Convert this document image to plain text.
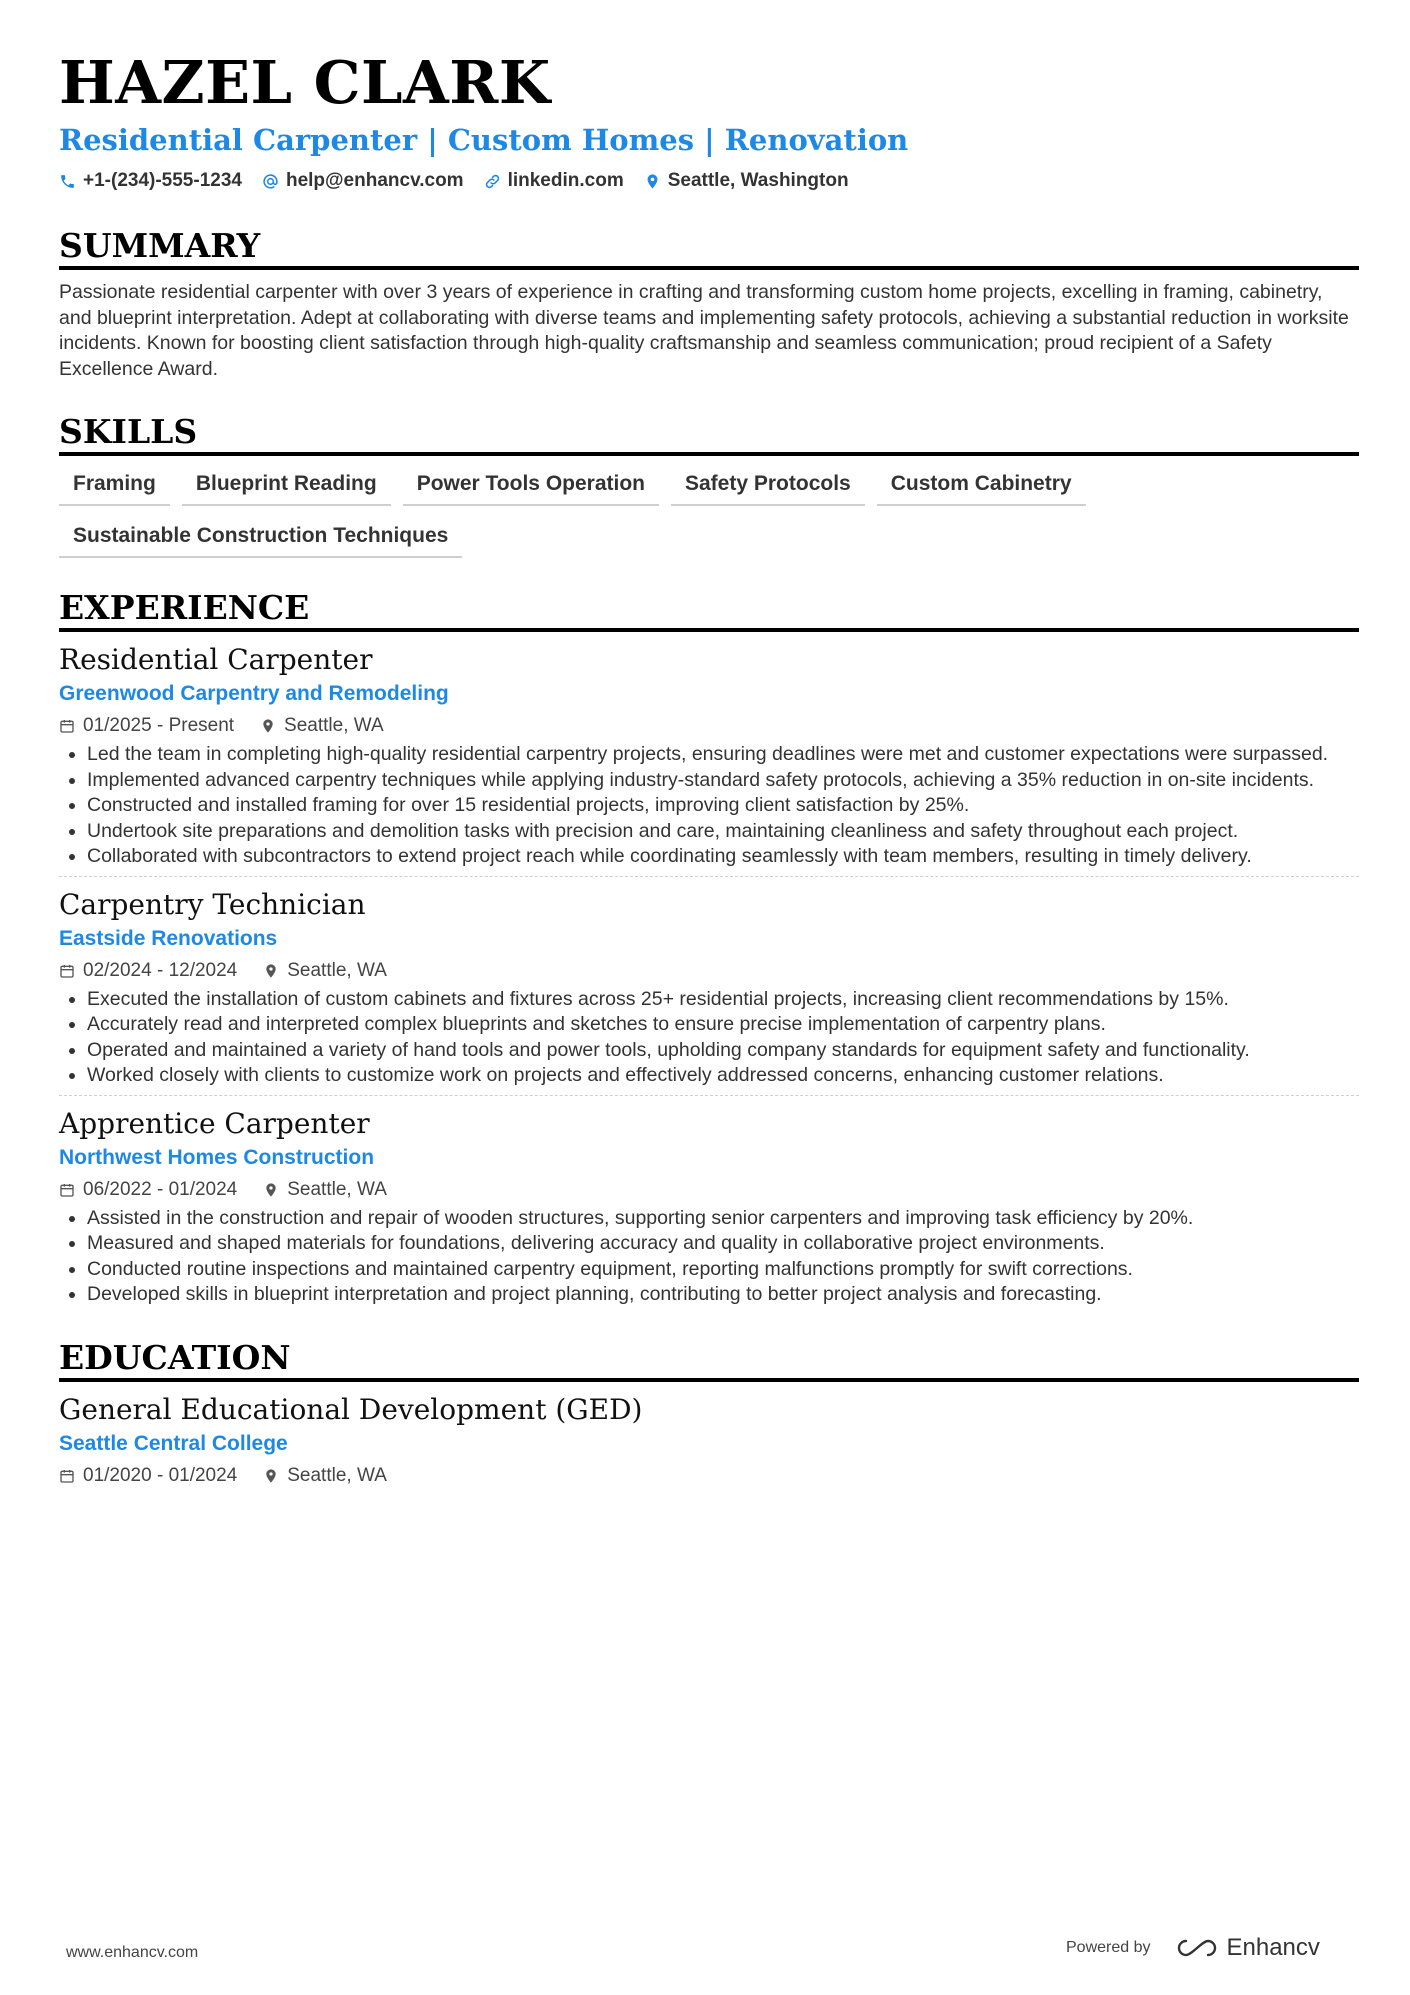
HAZEL CLARK
Residential Carpenter | Custom Homes | Renovation
+1-(234)-555-1234 help@enhancv.com linkedin.com Seattle, Washington
SUMMARY
Passionate residential carpenter with over 3 years of experience in crafting and transforming custom home projects, excelling in framing, cabinetry, and blueprint interpretation. Adept at collaborating with diverse teams and implementing safety protocols, achieving a substantial reduction in worksite incidents. Known for boosting client satisfaction through high-quality craftsmanship and seamless communication; proud recipient of a Safety Excellence Award.
SKILLS
Framing	Blueprint Reading	Power Tools Operation	Safety Protocols	Custom Cabinetry
Sustainable Construction Techniques
EXPERIENCE
Residential Carpenter
Greenwood Carpentry and Remodeling
01/2025 - Present	Seattle, WA
• Led the team in completing high-quality residential carpentry projects, ensuring deadlines were met and customer expectations were surpassed.
• Implemented advanced carpentry techniques while applying industry-standard safety protocols, achieving a 35% reduction in on-site incidents.
• Constructed and installed framing for over 15 residential projects, improving client satisfaction by 25%.
• Undertook site preparations and demolition tasks with precision and care, maintaining cleanliness and safety throughout each project.
• Collaborated with subcontractors to extend project reach while coordinating seamlessly with team members, resulting in timely delivery.
Carpentry Technician
Eastside Renovations
02/2024 - 12/2024	Seattle, WA
• Executed the installation of custom cabinets and fixtures across 25+ residential projects, increasing client recommendations by 15%.
• Accurately read and interpreted complex blueprints and sketches to ensure precise implementation of carpentry plans.
• Operated and maintained a variety of hand tools and power tools, upholding company standards for equipment safety and functionality.
• Worked closely with clients to customize work on projects and effectively addressed concerns, enhancing customer relations.
Apprentice Carpenter
Northwest Homes Construction
06/2022 - 01/2024	Seattle, WA
• Assisted in the construction and repair of wooden structures, supporting senior carpenters and improving task efficiency by 20%.
• Measured and shaped materials for foundations, delivering accuracy and quality in collaborative project environments.
• Conducted routine inspections and maintained carpentry equipment, reporting malfunctions promptly for swift corrections.
• Developed skills in blueprint interpretation and project planning, contributing to better project analysis and forecasting.
EDUCATION
General Educational Development (GED)
Seattle Central College
01/2020 - 01/2024	Seattle, WA
www.enhancv.com	Powered by	Enhancv
